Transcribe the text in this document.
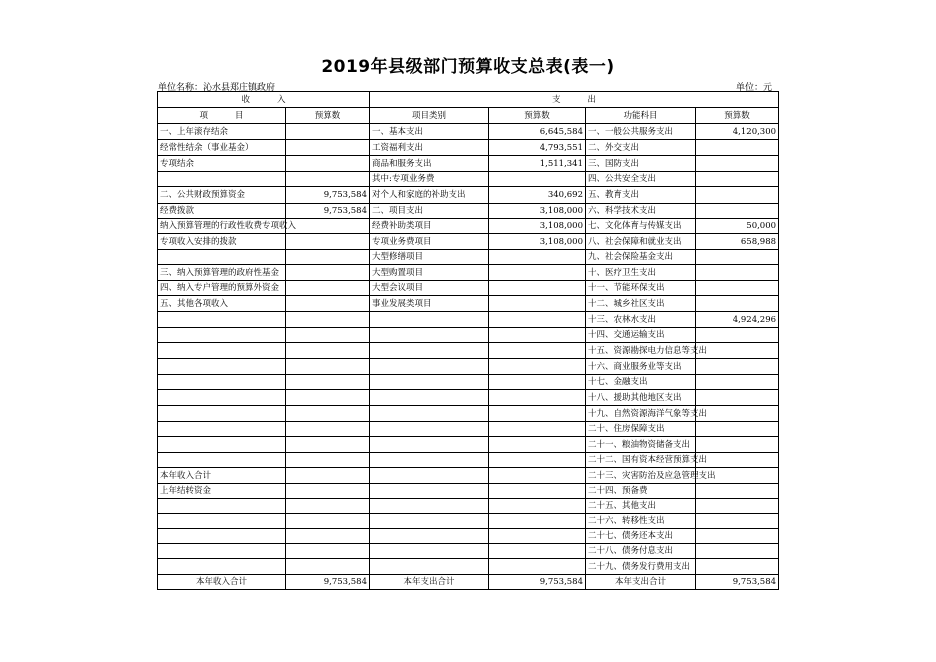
2019年县级部门预算收支总表(表一)
单位名称：沁水县郑庄镇政府	单位：元
收          入		支          出			
项          目	预算数	项目类别	预算数	功能科目	预算数
一、上年滚存结余		一、基本支出	6,645,584	一、一般公共服务支出	4,120,300
经常性结余（事业基金）		工资福利支出	4,793,551	二、外交支出	
专项结余		商品和服务支出	1,511,341	三、国防支出	
		其中:专项业务费		四、公共安全支出	
二、公共财政预算资金	9,753,584	对个人和家庭的补助支出	340,692	五、教育支出	
经费拨款	9,753,584	二、项目支出	3,108,000	六、科学技术支出	
纳入预算管理的行政性收费专项收入		经费补助类项目	3,108,000	七、文化体育与传媒支出	50,000
专项收入安排的拨款		专项业务费项目	3,108,000	八、社会保障和就业支出	658,988
		大型修缮项目		九、社会保险基金支出	
三、纳入预算管理的政府性基金		大型购置项目		十、医疗卫生支出	
四、纳入专户管理的预算外资金		大型会议项目		十一、节能环保支出	
五、其他各项收入		事业发展类项目		十二、城乡社区支出	
				十三、农林水支出	4,924,296
				十四、交通运输支出	
				十五、资源勘探电力信息等支出	
				十六、商业服务业等支出	
				十七、金融支出	
				十八、援助其他地区支出	
				十九、自然资源海洋气象等支出	
				二十、住房保障支出	
				二十一、粮油物资储备支出	
				二十二、国有资本经营预算支出	
本年收入合计				二十三、灾害防治及应急管理支出	
上年结转资金				二十四、预备费	
				二十五、其他支出	
				二十六、转移性支出	
				二十七、债务还本支出	
				二十八、债务付息支出	
				二十九、债务发行费用支出	
本年收入合计	9,753,584	本年支出合计	9,753,584	本年支出合计	9,753,584
